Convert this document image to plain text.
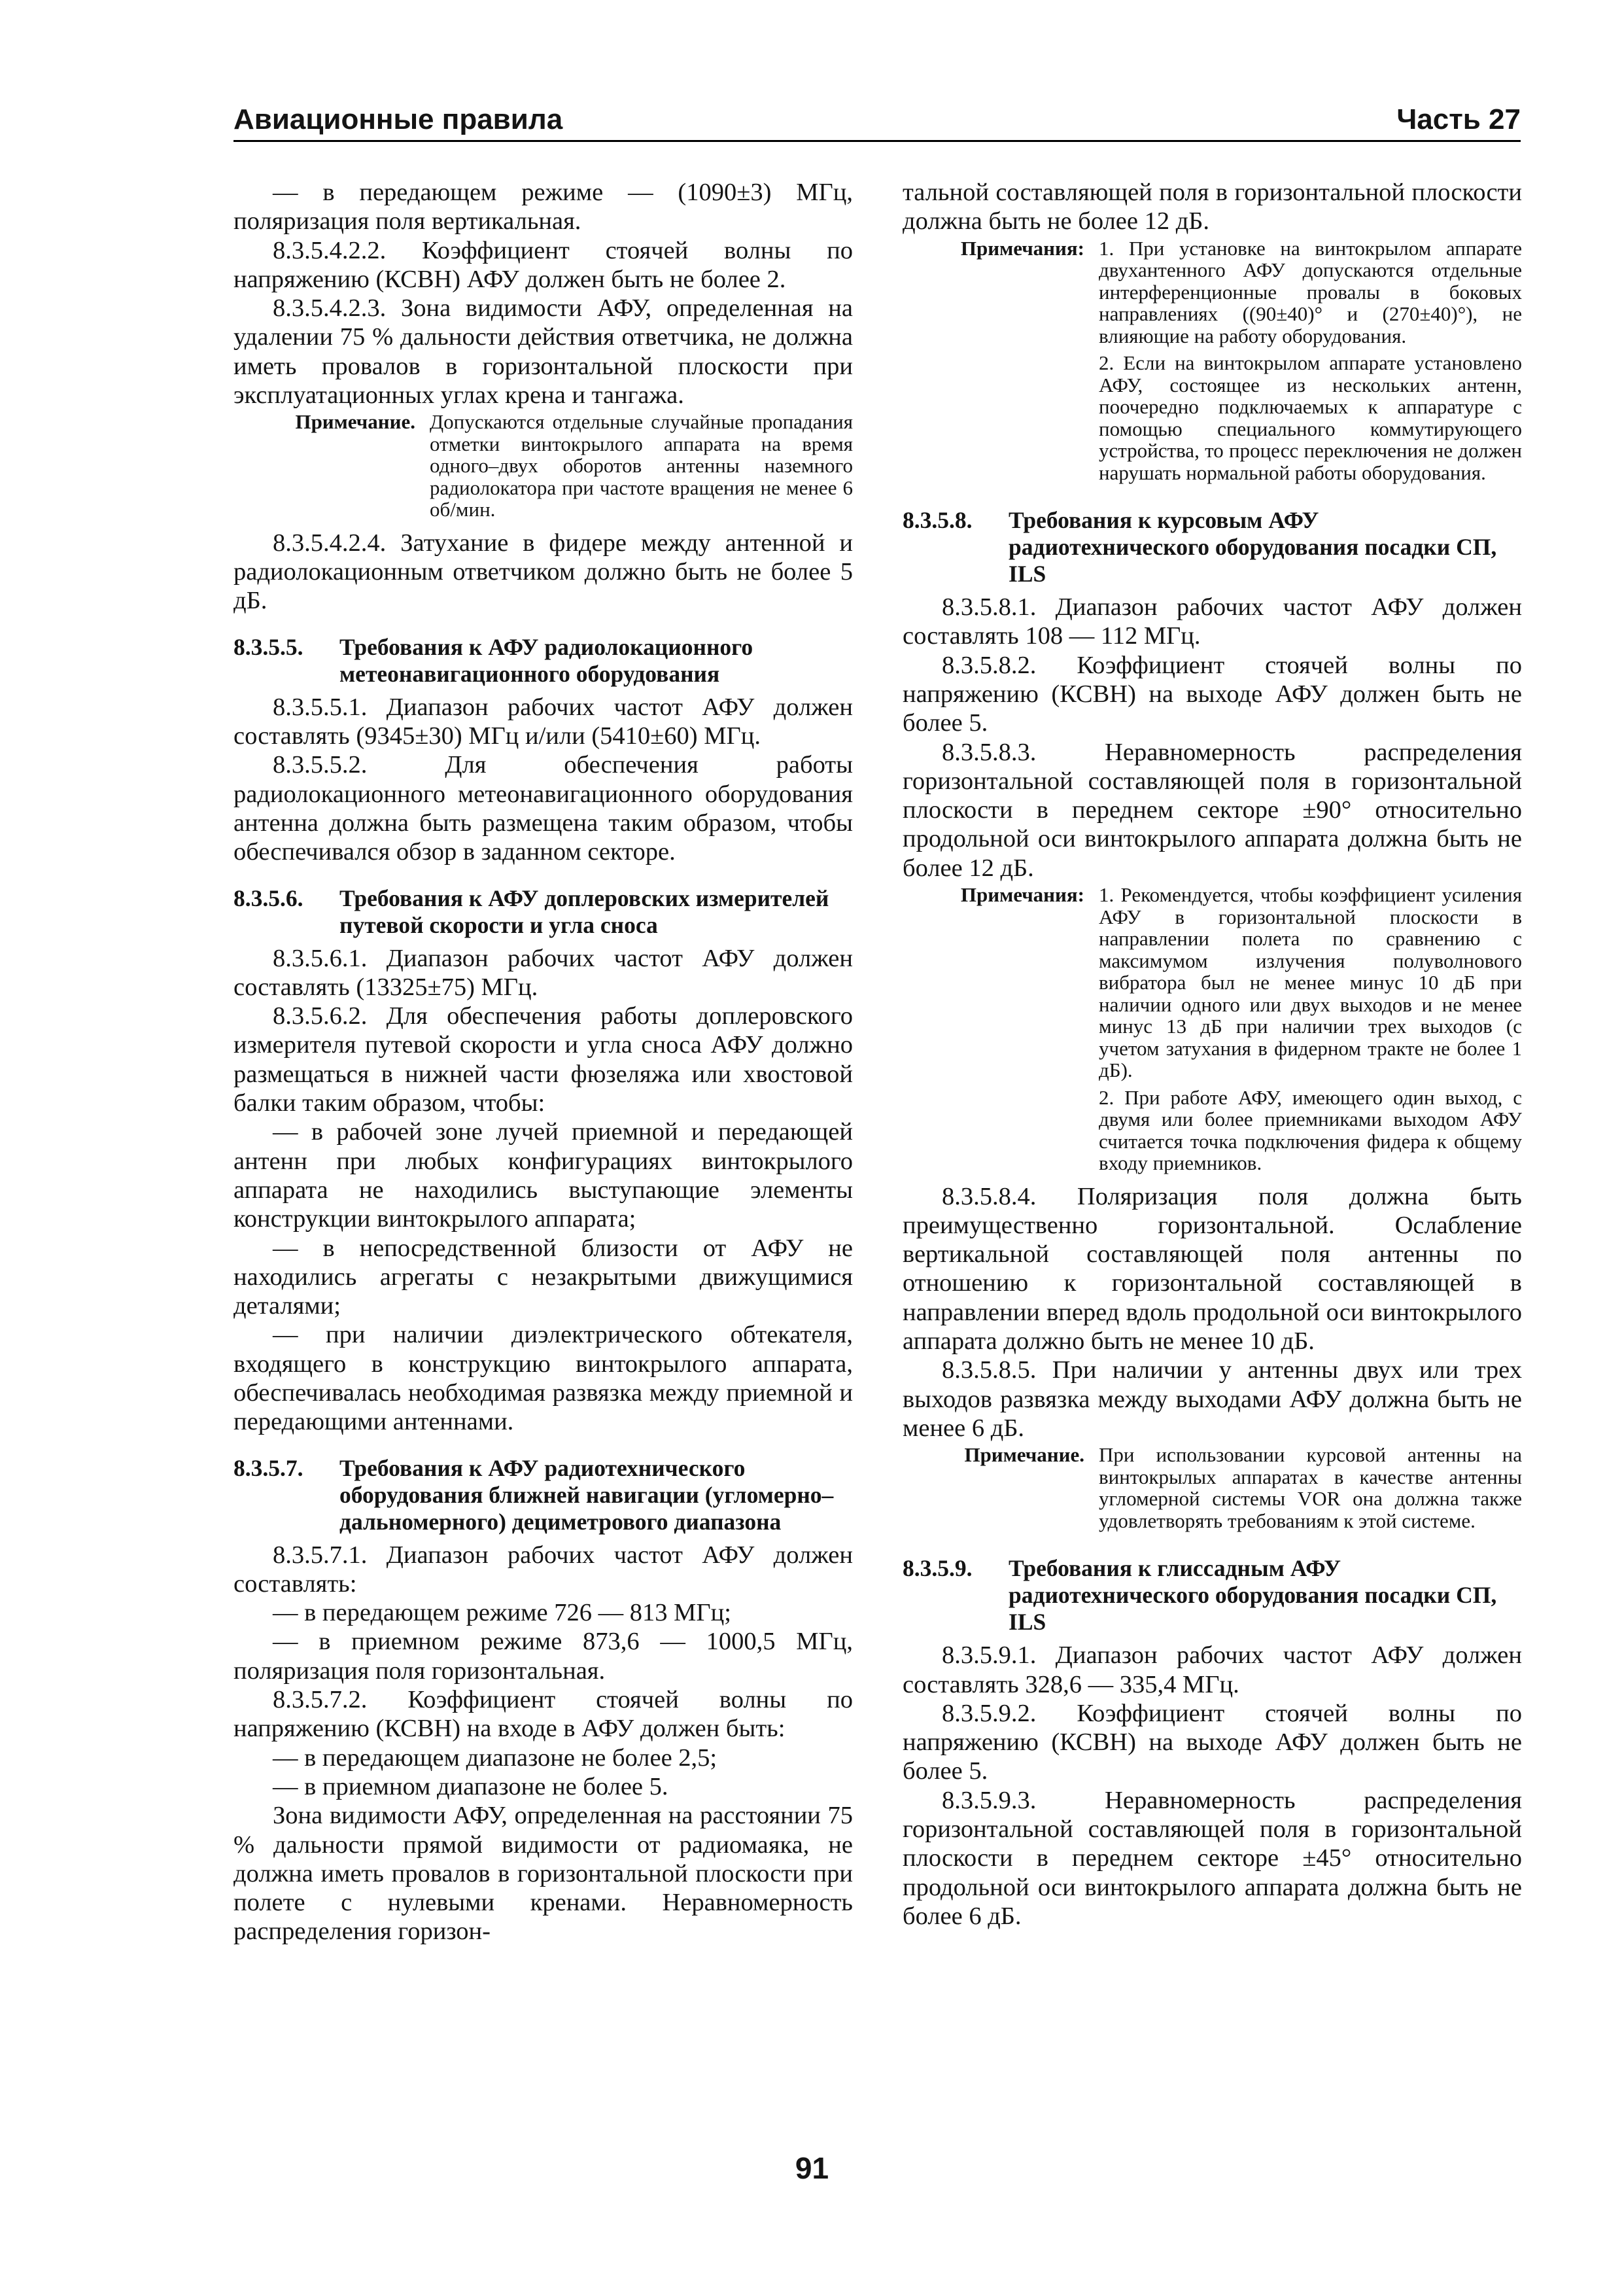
Авиационные правила	Часть 27

— в передающем режиме — (1090±3) МГц, поляризация поля вертикальная.

8.3.5.4.2.2. Коэффициент стоячей волны по напряжению (КСВН) АФУ должен быть не более 2.

8.3.5.4.2.3. Зона видимости АФУ, определенная на удалении 75 % дальности действия ответчика, не должна иметь провалов в горизонтальной плоскости при эксплуатационных углах крена и тангажа.

Примечание. Допускаются отдельные случайные пропадания отметки винтокрылого аппарата на время одного–двух оборотов антенны наземного радиолокатора при частоте вращения не менее 6 об/мин.

8.3.5.4.2.4. Затухание в фидере между антенной и радиолокационным ответчиком должно быть не более 5 дБ.

8.3.5.5. Требования к АФУ радиолокационного метеонавигационного оборудования

8.3.5.5.1. Диапазон рабочих частот АФУ должен составлять (9345±30) МГц и/или (5410±60) МГц.

8.3.5.5.2. Для обеспечения работы радиолокационного метеонавигационного оборудования антенна должна быть размещена таким образом, чтобы обеспечивался обзор в заданном секторе.

8.3.5.6. Требования к АФУ доплеровских измерителей путевой скорости и угла сноса

8.3.5.6.1. Диапазон рабочих частот АФУ должен составлять (13325±75) МГц.

8.3.5.6.2. Для обеспечения работы доплеровского измерителя путевой скорости и угла сноса АФУ должно размещаться в нижней части фюзеляжа или хвостовой балки таким образом, чтобы:

— в рабочей зоне лучей приемной и передающей антенн при любых конфигурациях винтокрылого аппарата не находились выступающие элементы конструкции винтокрылого аппарата;

— в непосредственной близости от АФУ не находились агрегаты с незакрытыми движущимися деталями;

— при наличии диэлектрического обтекателя, входящего в конструкцию винтокрылого аппарата, обеспечивалась необходимая развязка между приемной и передающими антеннами.

8.3.5.7. Требования к АФУ радиотехнического оборудования ближней навигации (угломерно–дальномерного) дециметрового диапазона

8.3.5.7.1. Диапазон рабочих частот АФУ должен составлять:

— в передающем режиме 726 — 813 МГц;

— в приемном режиме 873,6 — 1000,5 МГц, поляризация поля горизонтальная.

8.3.5.7.2. Коэффициент стоячей волны по напряжению (КСВН) на входе в АФУ должен быть:

— в передающем диапазоне не более 2,5;

— в приемном диапазоне не более 5.

Зона видимости АФУ, определенная на расстоянии 75 % дальности прямой видимости от радиомаяка, не должна иметь провалов в горизонтальной плоскости при полете с нулевыми кренами. Неравномерность распределения горизон-

тальной составляющей поля в горизонтальной плоскости должна быть не более 12 дБ.

Примечания: 1. При установке на винтокрылом аппарате двухантенного АФУ допускаются отдельные интерференционные провалы в боковых направлениях ((90±40)° и (270±40)°), не влияющие на работу оборудования.
2. Если на винтокрылом аппарате установлено АФУ, состоящее из нескольких антенн, поочередно подключаемых к аппаратуре с помощью специального коммутирующего устройства, то процесс переключения не должен нарушать нормальной работы оборудования.
8.3.5.8. Требования к курсовым АФУ радиотехнического оборудования посадки СП, ILS

8.3.5.8.1. Диапазон рабочих частот АФУ должен составлять 108 — 112 МГц.

8.3.5.8.2. Коэффициент стоячей волны по напряжению (КСВН) на выходе АФУ должен быть не более 5.

8.3.5.8.3. Неравномерность распределения горизонтальной составляющей поля в горизонтальной плоскости в переднем секторе ±90° относительно продольной оси винтокрылого аппарата должна быть не более 12 дБ.

Примечания: 1. Рекомендуется, чтобы коэффициент усиления АФУ в горизонтальной плоскости в направлении полета по сравнению с максимумом излучения полуволнового вибратора был не менее минус 10 дБ при наличии одного или двух выходов и не менее минус 13 дБ при наличии трех выходов (с учетом затухания в фидерном тракте не более 1 дБ).
2. При работе АФУ, имеющего один выход, с двумя или более приемниками выходом АФУ считается точка подключения фидера к общему входу приемников.

8.3.5.8.4. Поляризация поля должна быть преимущественно горизонтальной. Ослабление вертикальной составляющей поля антенны по отношению к горизонтальной составляющей в направлении вперед вдоль продольной оси винтокрылого аппарата должно быть не менее 10 дБ.

8.3.5.8.5. При наличии у антенны двух или трех выходов развязка между выходами АФУ должна быть не менее 6 дБ.

Примечание. При использовании курсовой антенны на винтокрылых аппаратах в качестве антенны угломерной системы VOR она должна также удовлетворять требованиям к этой системе.
8.3.5.9. Требования к глиссадным АФУ радиотехнического оборудования посадки СП, ILS

8.3.5.9.1. Диапазон рабочих частот АФУ должен составлять 328,6 — 335,4 МГц.

8.3.5.9.2. Коэффициент стоячей волны по напряжению (КСВН) на выходе АФУ должен быть не более 5.

8.3.5.9.3. Неравномерность распределения горизонтальной составляющей поля в горизонтальной плоскости в переднем секторе ±45° относительно продольной оси винтокрылого аппарата должна быть не более 6 дБ.

91
